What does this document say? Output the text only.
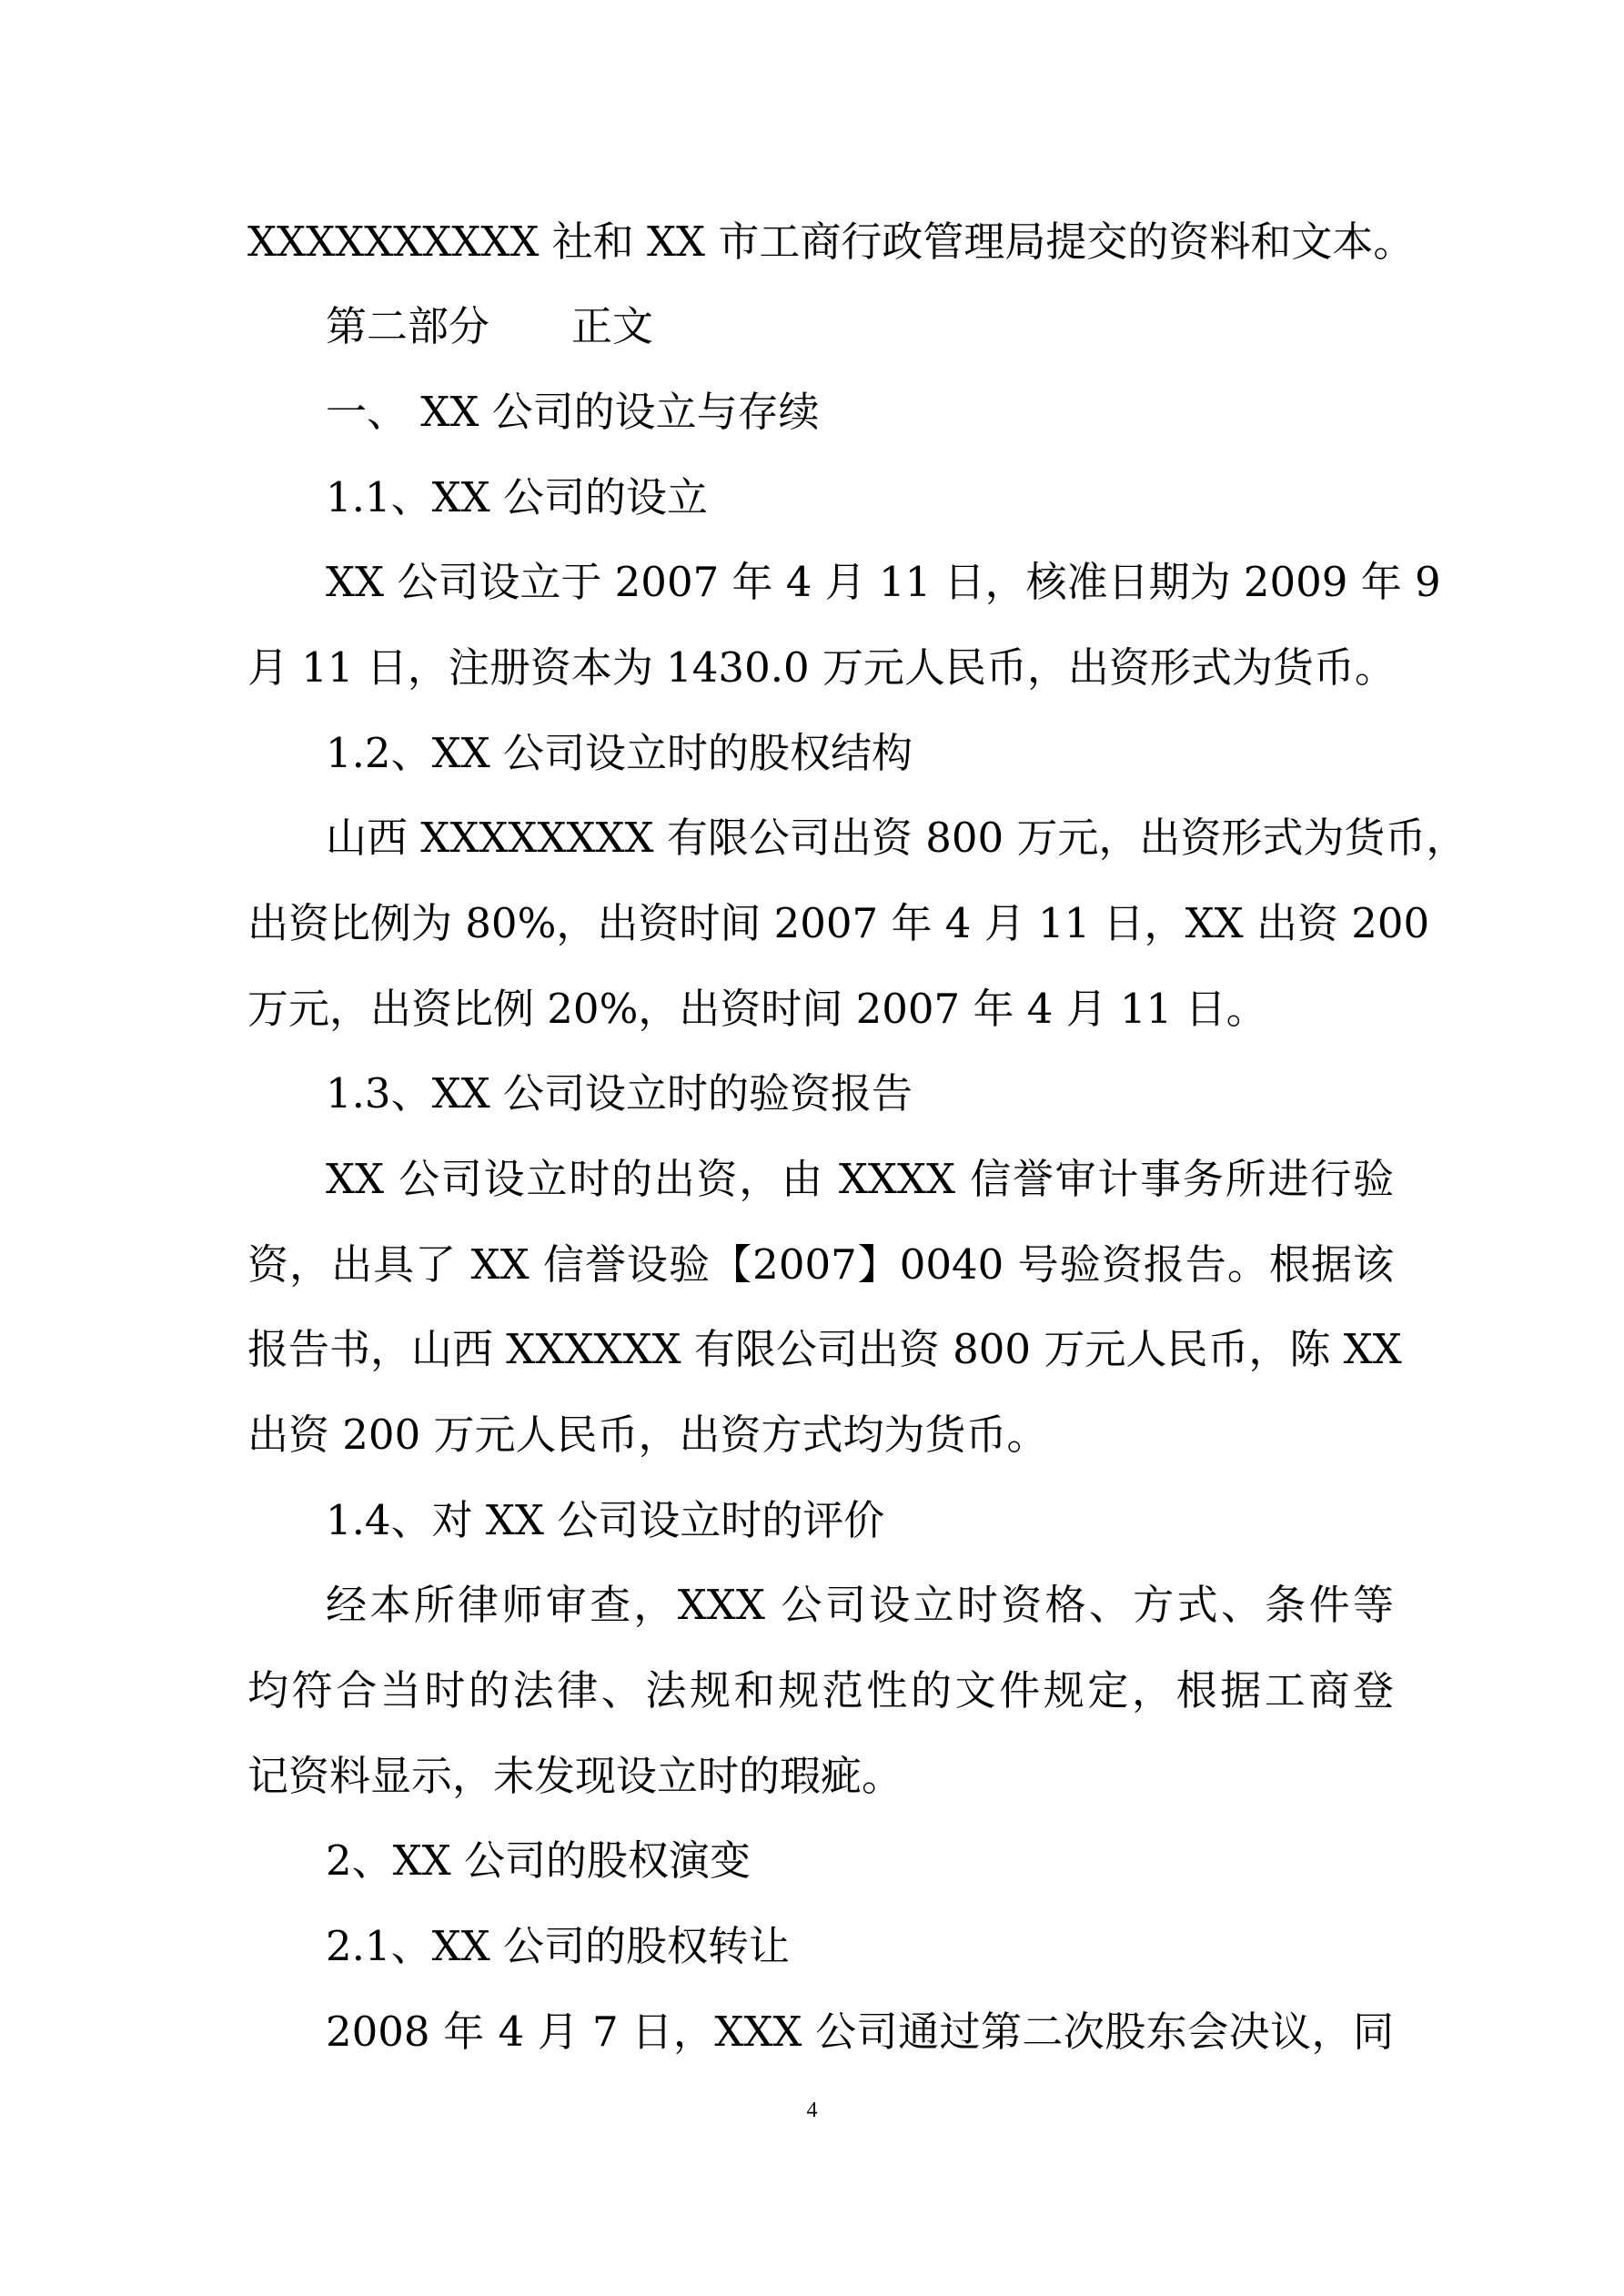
XXXXXXXXXX 社和 XX 市工商行政管理局提交的资料和文本。
第二部分　　正文
一、 XX 公司的设立与存续
1.1、XX 公司的设立
XX 公司设立于 2007 年 4 月 11 日，核准日期为 2009 年 9
月 11 日，注册资本为 1430.0 万元人民币，出资形式为货币。
1.2、XX 公司设立时的股权结构
山西 XXXXXXXX 有限公司出资 800 万元，出资形式为货币，
出资比例为 80%，出资时间 2007 年 4 月 11 日，XX 出资 200
万元，出资比例 20%，出资时间 2007 年 4 月 11 日。
1.3、XX 公司设立时的验资报告
XX 公司设立时的出资，由 XXXX 信誉审计事务所进行验
资，出具了 XX 信誉设验【2007】0040 号验资报告。根据该
报告书，山西 XXXXXX 有限公司出资 800 万元人民币，陈 XX
出资 200 万元人民币，出资方式均为货币。
1.4、对 XX 公司设立时的评价
经本所律师审查，XXX 公司设立时资格、方式、条件等
均符合当时的法律、法规和规范性的文件规定，根据工商登
记资料显示，未发现设立时的瑕疵。
2、XX 公司的股权演变
2.1、XX 公司的股权转让
2008 年 4 月 7 日，XXX 公司通过第二次股东会决议，同
4
